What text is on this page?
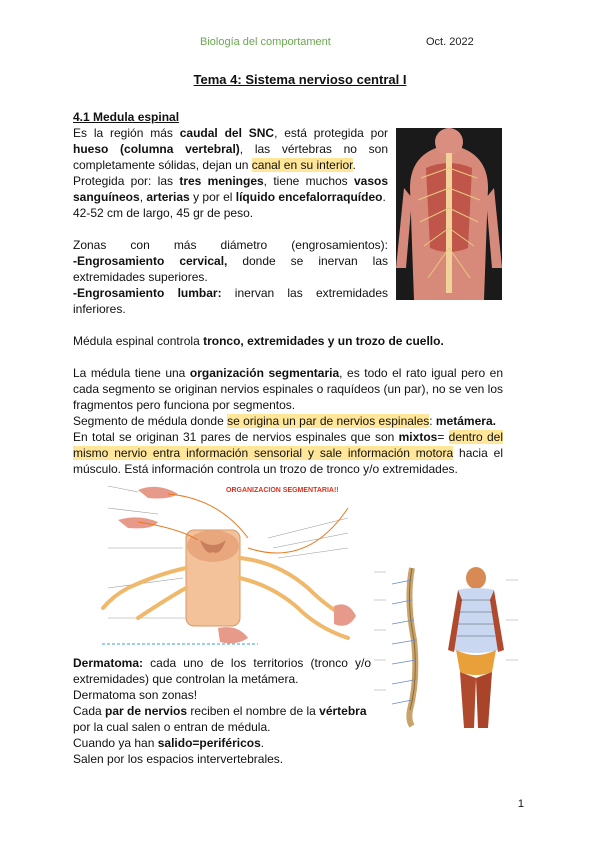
Biología del comportament	Oct. 2022
Tema 4: Sistema nervioso central I
4.1 Medula espinal
Es la región más caudal del SNC, está protegida por hueso (columna vertebral), las vértebras no son completamente sólidas, dejan un canal en su interior.
Protegida por: las tres meninges, tiene muchos vasos sanguíneos, arterias y por el líquido encefalorraquídeo.
42-52 cm de largo, 45 gr de peso.
Zonas con más diámetro (engrosamientos):
-Engrosamiento cervical, donde se inervan las extremidades superiores.
-Engrosamiento lumbar: inervan las extremidades inferiores.
Médula espinal controla tronco, extremidades y un trozo de cuello.
La médula tiene una organización segmentaria, es todo el rato igual pero en cada segmento se originan nervios espinales o raquídeos (un par), no se ven los fragmentos pero funciona por segmentos.
Segmento de médula donde se origina un par de nervios espinales: metámera.
En total se originan 31 pares de nervios espinales que son mixtos= dentro del mismo nervio entra información sensorial y sale información motora hacia el músculo. Está información controla un trozo de tronco y/o extremidades.
ORGANIZACION SEGMENTARIA!!
Dermatoma: cada uno de los territorios (tronco y/o extremidades) que controlan la metámera.
Dermatoma son zonas!
Cada par de nervios reciben el nombre de la vértebra por la cual salen o entran de médula.
Cuando ya han salido=periféricos.
Salen por los espacios intervertebrales.
1
